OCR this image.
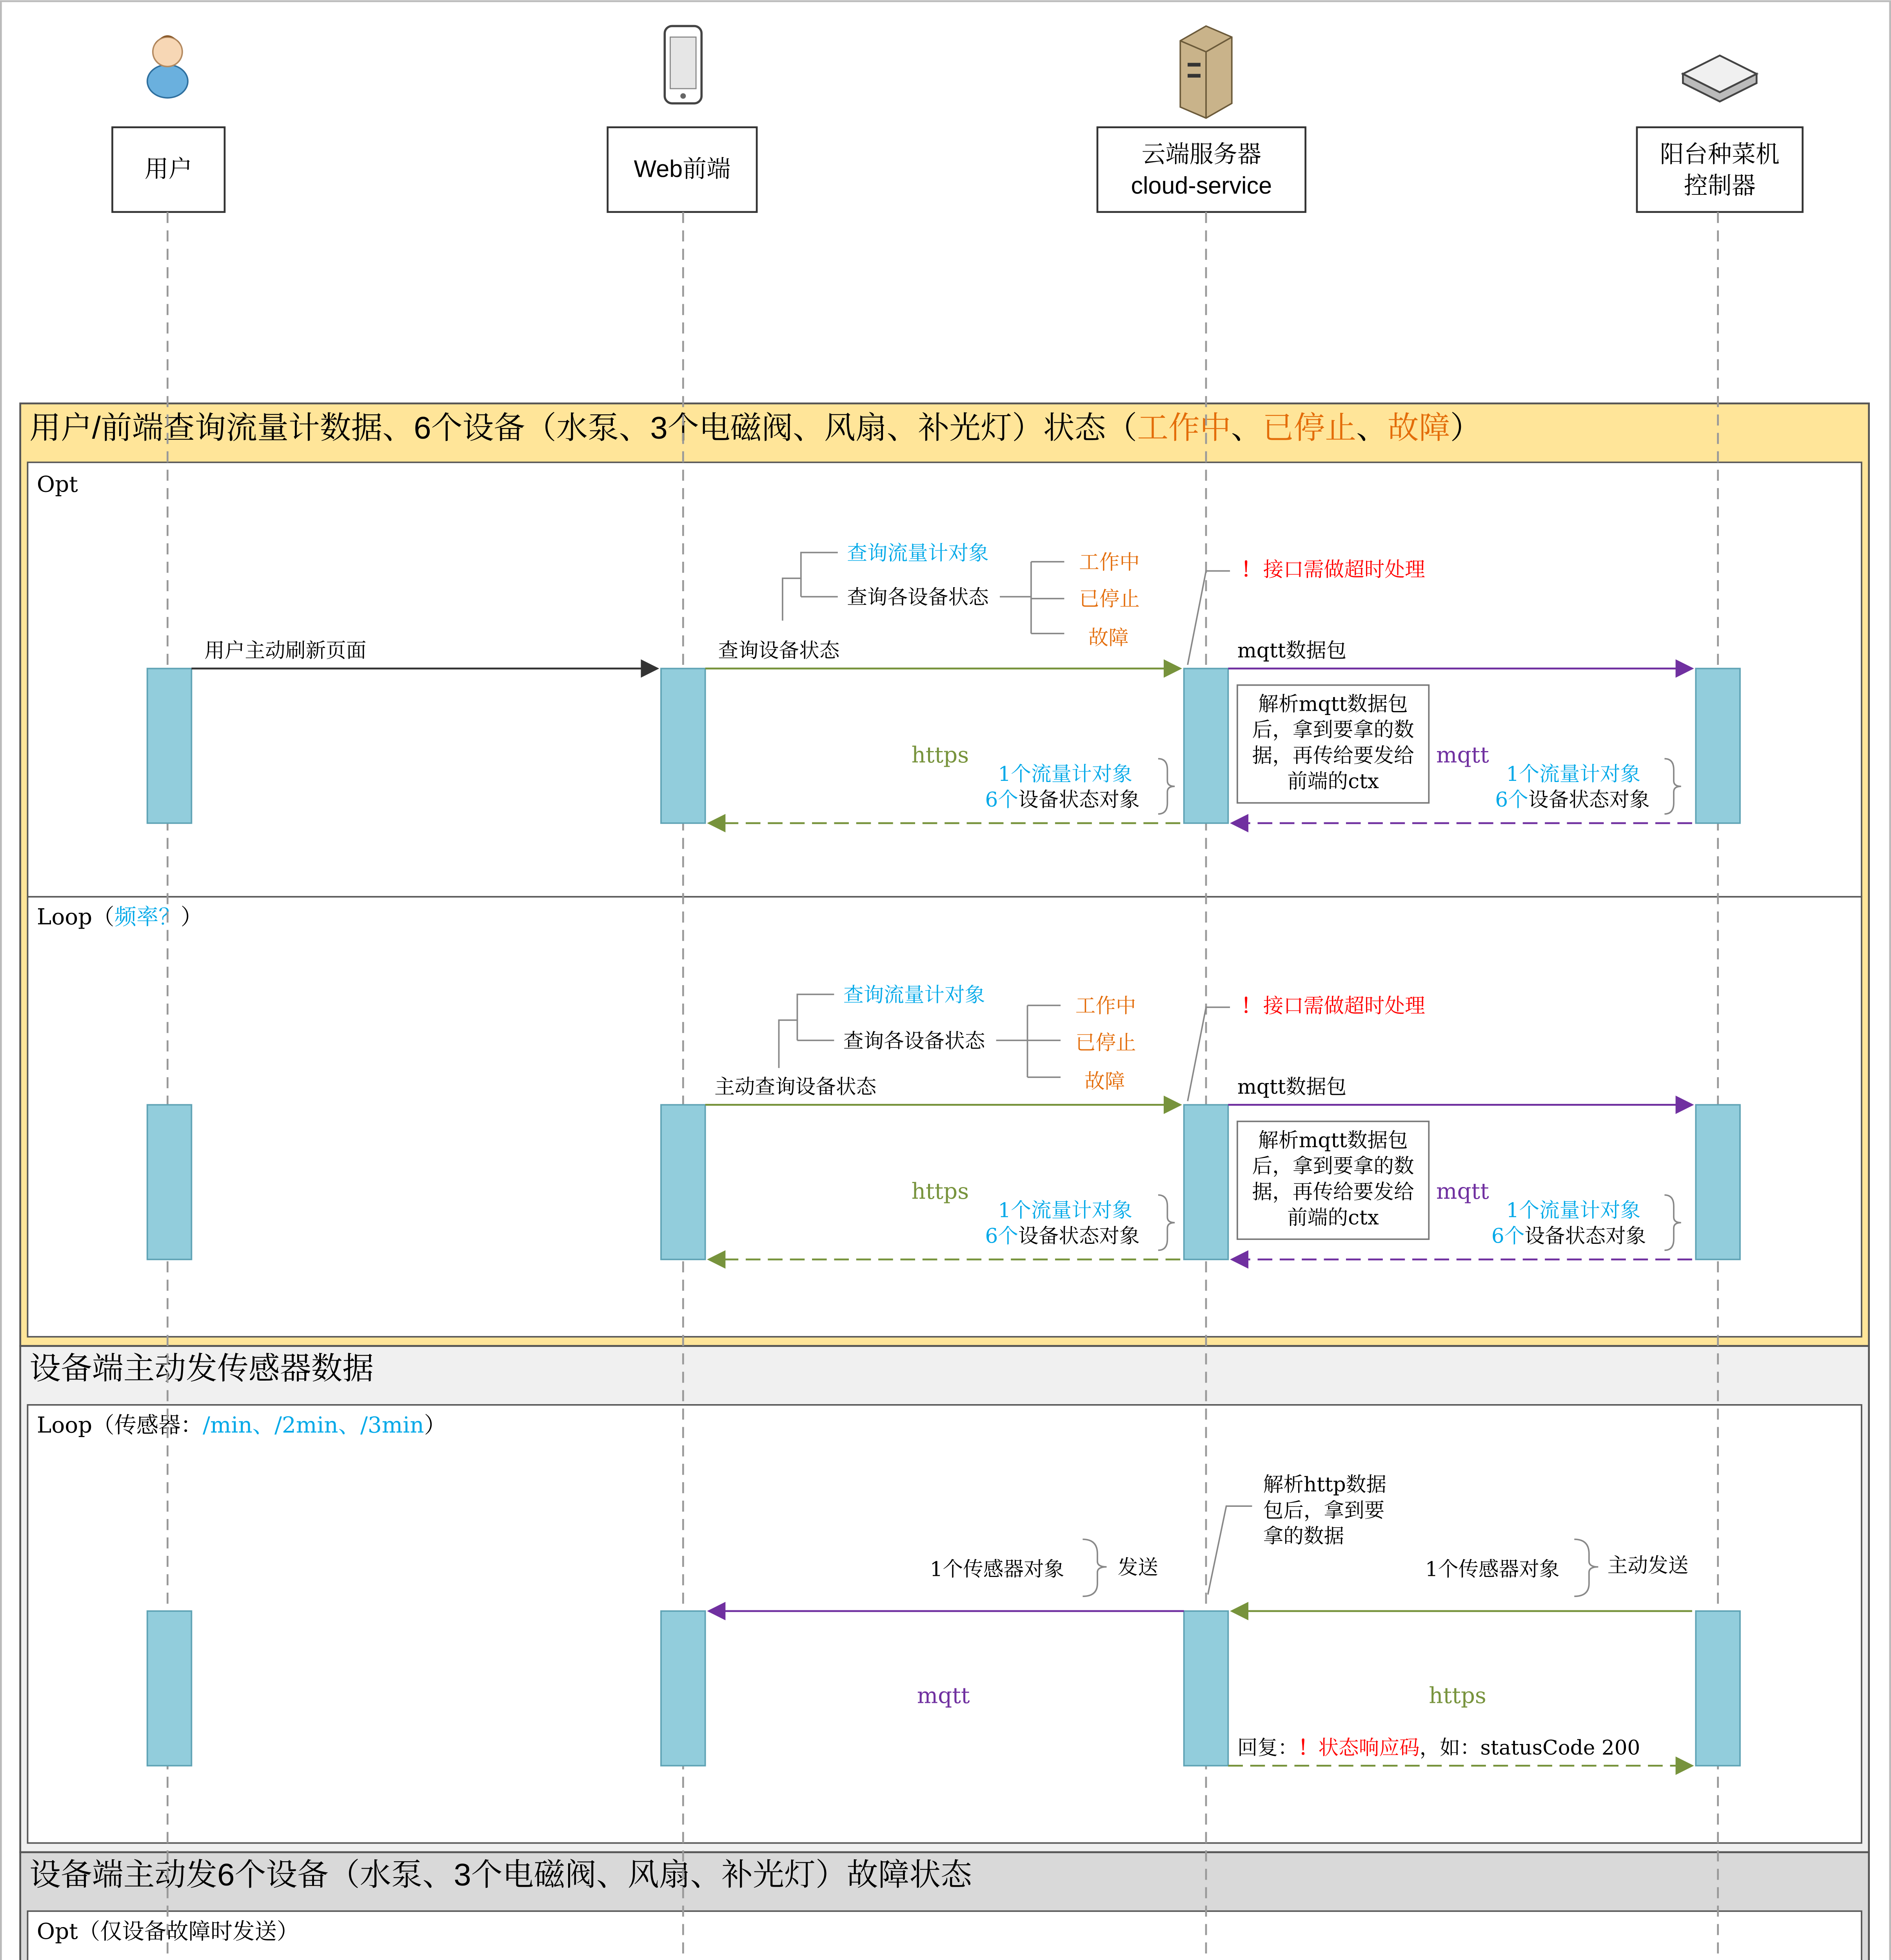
用户/前端查询流量计数据、6个设备（水泵、3个电磁阀、风扇、补光灯）状态（工作中、已停止、故障）
Opt
Loop（频率？）
设备端主动发传感器数据
Loop（传感器：/min、/2min、/3min）
设备端主动发6个设备（水泵、3个电磁阀、风扇、补光灯）故障状态
Opt（仅设备故障时发送）
用户	Web前端
云端服务器
cloud-service
阳台种菜机
控制器
用户主动刷新页面	查询设备状态
查询流量计对象
查询各设备状态
工作中
已停止
故障
！ 接口需做超时处理
mqtt数据包
解析mqtt数据包
后，拿到要拿的数
据，再传给要发给
前端的ctx
https	mqtt
1个流量计对象
6个设备状态对象
1个流量计对象
6个设备状态对象
主动查询设备状态
查询流量计对象
查询各设备状态
工作中
已停止
故障
！ 接口需做超时处理
mqtt数据包
解析mqtt数据包
后，拿到要拿的数
据，再传给要发给
前端的ctx
https	mqtt
1个流量计对象
6个设备状态对象
1个流量计对象
6个设备状态对象
解析http数据
包后，拿到要
拿的数据
1个传感器对象	发送	1个传感器对象	主动发送
mqtt	https
回复：！状态响应码，如：statusCode 200
